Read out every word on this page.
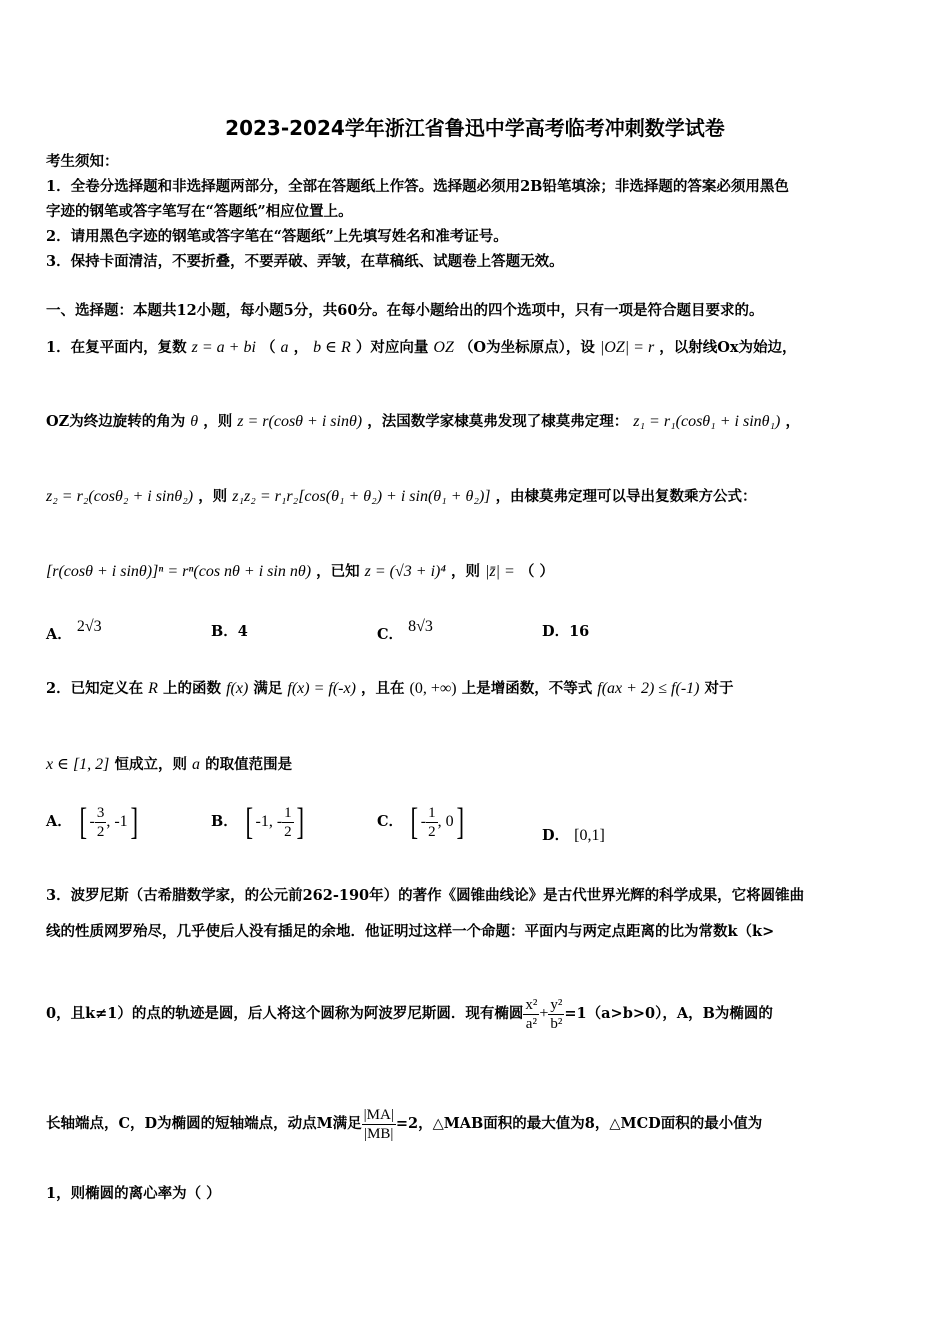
2023-2024学年浙江省鲁迅中学高考临考冲刺数学试卷
考生须知：
1．全卷分选择题和非选择题两部分，全部在答题纸上作答。选择题必须用2B铅笔填涂；非选择题的答案必须用黑色
字迹的钢笔或答字笔写在“答题纸”相应位置上。
2．请用黑色字迹的钢笔或答字笔在“答题纸”上先填写姓名和准考证号。
3．保持卡面清洁，不要折叠，不要弄破、弄皱，在草稿纸、试题卷上答题无效。
一、选择题：本题共12小题，每小题5分，共60分。在每小题给出的四个选项中，只有一项是符合题目要求的。
1．在复平面内，复数 z = a + bi （ a ， b ∈ R ）对应向量 OZ （O为坐标原点），设 |OZ| = r ，以射线Ox为始边，
OZ为终边旋转的角为 θ ，则 z = r(cosθ + i sinθ) ，法国数学家棣莫弗发现了棣莫弗定理： z₁ = r₁(cosθ₁ + i sinθ₁) ，
z₂ = r₂(cosθ₂ + i sinθ₂) ，则 z₁z₂ = r₁r₂[cos(θ₁ + θ₂) + i sin(θ₁ + θ₂)] ，由棣莫弗定理可以导出复数乘方公式：
[r(cosθ + i sinθ)]ⁿ = rⁿ(cos nθ + i sin nθ) ，已知 z = (√3 + i)⁴ ，则 |z̄| = （ ）
A． 2√3	B．4	C． 8√3	D．16
2．已知定义在 R 上的函数 f(x) 满足 f(x) = f(-x) ，且在 (0, +∞) 上是增函数，不等式 f(ax + 2) ≤ f(-1) 对于
x ∈ [1, 2] 恒成立，则 a 的取值范围是
A． [ - $\frac{3}{2}$ , -1]	B． [ -1, - $\frac{1}{2}$ ]	C． [ - $\frac{1}{2}$ , 0]	D． [0,1]
3．波罗尼斯（古希腊数学家，的公元前262-190年）的著作《圆锥曲线论》是古代世界光辉的科学成果，它将圆锥曲
线的性质网罗殆尽，几乎使后人没有插足的余地．他证明过这样一个命题：平面内与两定点距离的比为常数k（k>
0，且k≠1）的点的轨迹是圆，后人将这个圆称为阿波罗尼斯圆．现有椭圆 $\frac{\text{x²}}{\text{a²}} + \frac{\text{y²}}{\text{b²}} =1(a>b>0)$，A，B为椭圆的
长轴端点，C，D为椭圆的短轴端点，动点M满足 $\frac{|MA|}{|MB|} =2$，△MAB面积的最大值为8，△MCD面积的最小值为
1，则椭圆的离心率为（ ）
